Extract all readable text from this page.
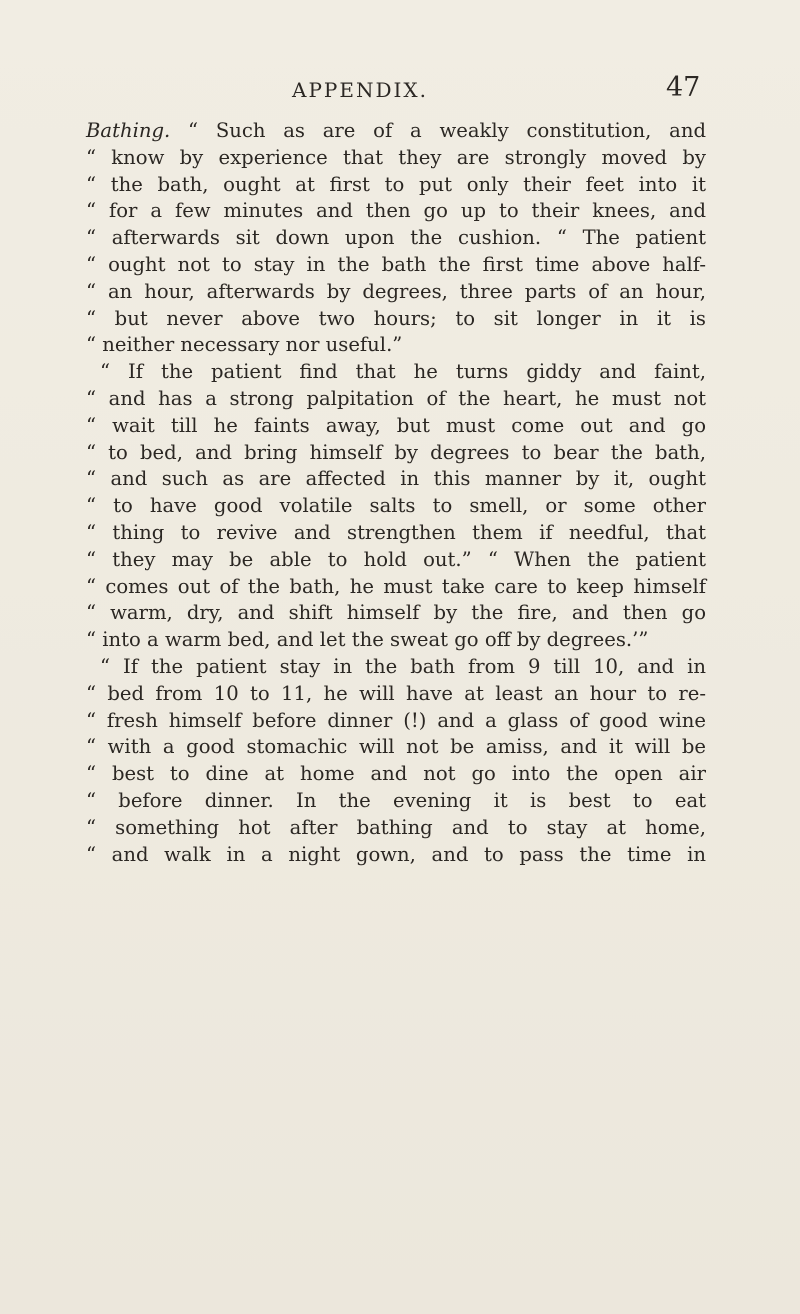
APPENDIX.	47
Bathing. “ Such as are of a weakly constitution, and
“ know by experience that they are strongly moved by
“ the bath, ought at first to put only their feet into it
“ for a few minutes and then go up to their knees, and
“ afterwards sit down upon the cushion. “ The patient
“ ought not to stay in the bath the first time above half-
“ an hour, afterwards by degrees, three parts of an hour,
“ but never above two hours; to sit longer in it is
“ neither necessary nor useful.”
“ If the patient find that he turns giddy and faint,
“ and has a strong palpitation of the heart, he must not
“ wait till he faints away, but must come out and go
“ to bed, and bring himself by degrees to bear the bath,
“ and such as are affected in this manner by it, ought
“ to have good volatile salts to smell, or some other
“ thing to revive and strengthen them if needful, that
“ they may be able to hold out.” “ When the patient
“ comes out of the bath, he must take care to keep himself
“ warm, dry, and shift himself by the fire, and then go
“ into a warm bed, and let the sweat go off by degrees.’”
“ If the patient stay in the bath from 9 till 10, and in
“ bed from 10 to 11, he will have at least an hour to re-
“ fresh himself before dinner (!) and a glass of good wine
“ with a good stomachic will not be amiss, and it will be
“ best to dine at home and not go into the open air
“ before dinner. In the evening it is best to eat
“ something hot after bathing and to stay at home,
“ and walk in a night gown, and to pass the time in
